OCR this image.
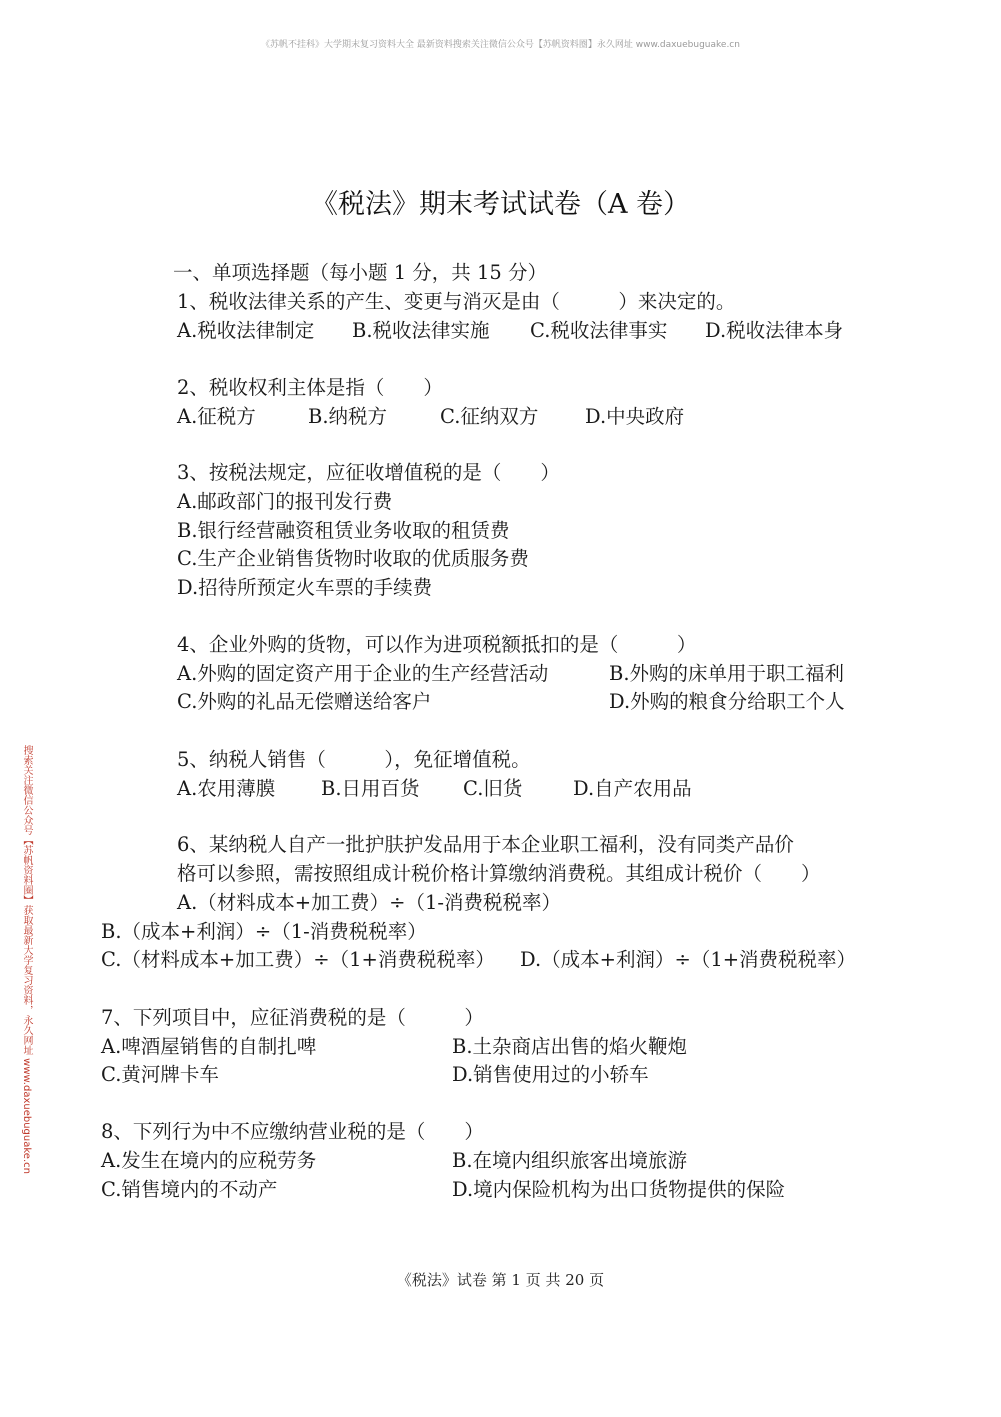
《苏帆不挂科》大学期末复习资料大全 最新资料搜索关注微信公众号【苏帆资料圈】永久网址 www.daxuebuguake.cn
搜索关注微信公众号【苏帆资料圈】获取最新大学复习资料，永久网址 www.daxuebuguake.cn
《税法》期末考试试卷（A 卷）
一、单项选择题（每小题 1 分，共 15 分）
1、税收法律关系的产生、变更与消灭是由（　　　）来决定的。
A.税收法律制定 B.税收法律实施 C.税收法律事实 D.税收法律本身
2、税收权利主体是指（　　）
A.征税方	B.纳税方	C.征纳双方 D.中央政府
3、按税法规定，应征收增值税的是（　　）
A.邮政部门的报刊发行费
B.银行经营融资租赁业务收取的租赁费
C.生产企业销售货物时收取的优质服务费
D.招待所预定火车票的手续费
4、企业外购的货物，可以作为进项税额抵扣的是（　　　）
A.外购的固定资产用于企业的生产经营活动	B.外购的床单用于职工福利
C.外购的礼品无偿赠送给客户	D.外购的粮食分给职工个人
5、纳税人销售（　　　），免征增值税。
A.农用薄膜 B.日用百货 C.旧货	D.自产农用品
6、某纳税人自产一批护肤护发品用于本企业职工福利，没有同类产品价
格可以参照，需按照组成计税价格计算缴纳消费税。其组成计税价（　　）
A.（材料成本+加工费）÷（1-消费税税率）
B.（成本+利润）÷（1-消费税税率）
C.（材料成本+加工费）÷（1+消费税税率） D.（成本+利润）÷（1+消费税税率）
7、下列项目中，应征消费税的是（　　　）
A.啤酒屋销售的自制扎啤	B.土杂商店出售的焰火鞭炮
C.黄河牌卡车	D.销售使用过的小轿车
8、下列行为中不应缴纳营业税的是（　　）
A.发生在境内的应税劳务	B.在境内组织旅客出境旅游
C.销售境内的不动产	D.境内保险机构为出口货物提供的保险
《税法》试卷 第 1 页 共 20 页
